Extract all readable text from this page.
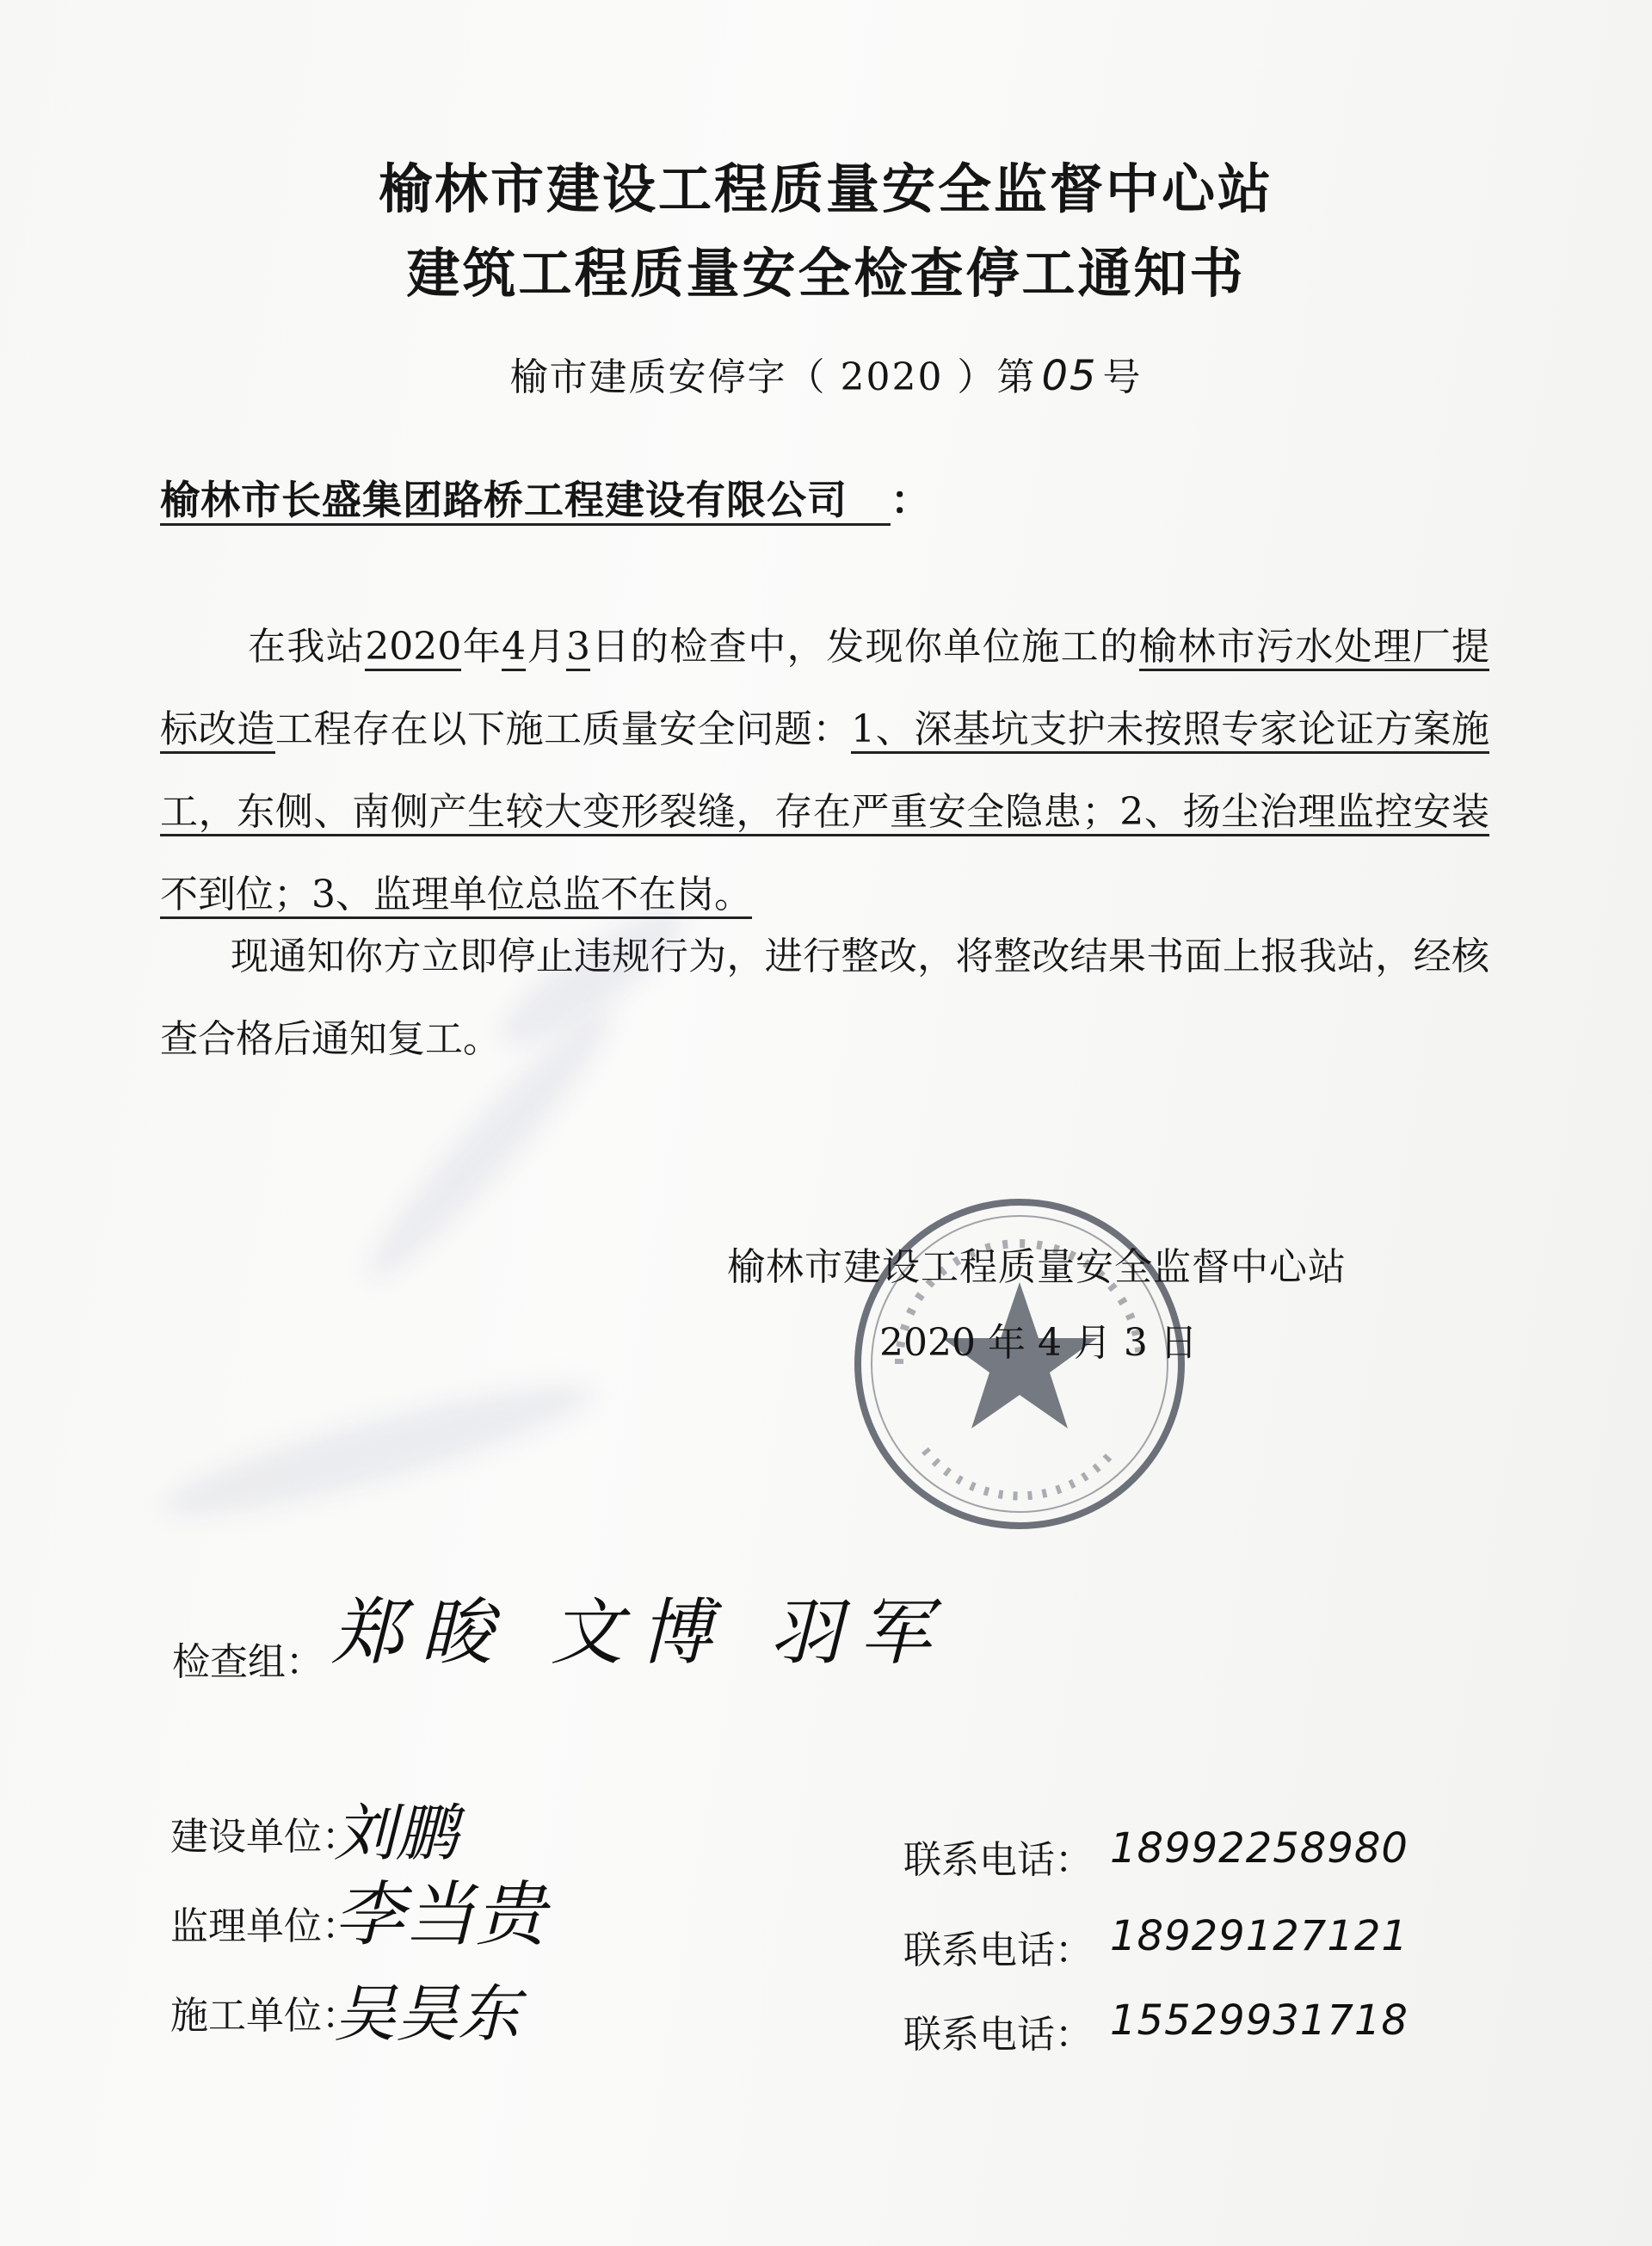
榆林市建设工程质量安全监督中心站
建筑工程质量安全检查停工通知书
榆市建质安停字（ 2020 ）第 05 号
榆林市长盛集团路桥工程建设有限公司 ：
在我站2020年4月3日的检查中，发现你单位施工的榆林市污水处理厂提标改造工程存在以下施工质量安全问题：1、深基坑支护未按照专家论证方案施工，东侧、南侧产生较大变形裂缝，存在严重安全隐患；2、扬尘治理监控安装不到位；3、监理单位总监不在岗。
现通知你方立即停止违规行为，进行整改，将整改结果书面上报我站，经核查合格后通知复工。
榆林市建设工程质量安全监督中心站
2020 年 4 月 3 日
检查组： 郑睃 文博 羽军
建设单位：
刘鹏
监理单位：
李当贵
施工单位：
吴昊东
联系电话： 18992258980
联系电话： 18929127121
联系电话： 15529931718
